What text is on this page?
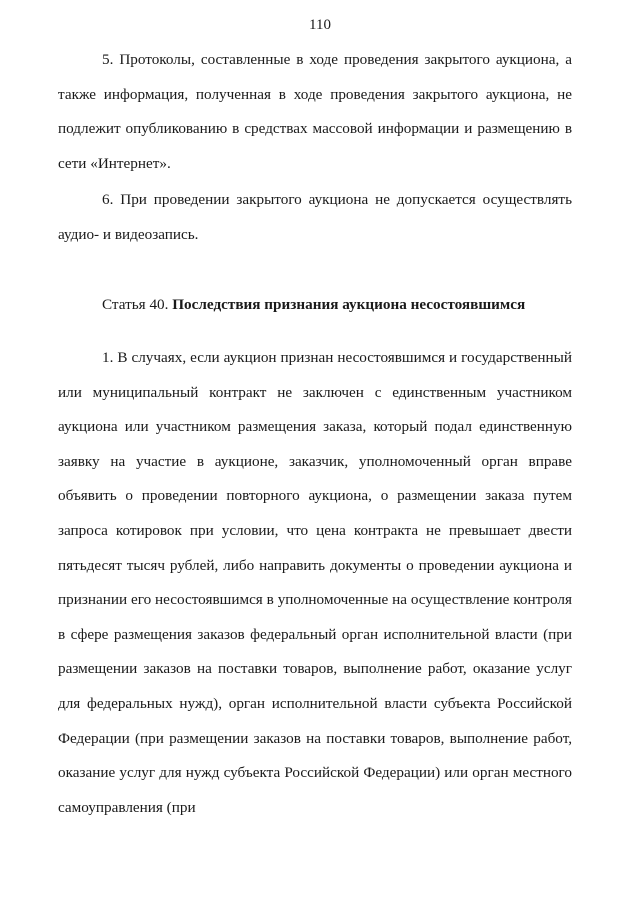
110

5. Протоколы, составленные в ходе проведения закрытого аукциона, а также информация, полученная в ходе проведения закрытого аукциона, не подлежит опубликованию в средствах массовой информации и размещению в сети «Интернет».

6. При проведении закрытого аукциона не допускается осуществлять аудио- и видеозапись.

Статья 40. Последствия признания аукциона несостоявшимся

1. В случаях, если аукцион признан несостоявшимся и государственный или муниципальный контракт не заключен с единственным участником аукциона или участником размещения заказа, который подал единственную заявку на участие в аукционе, заказчик, уполномоченный орган вправе объявить о проведении повторного аукциона, о размещении заказа путем запроса котировок при условии, что цена контракта не превышает двести пятьдесят тысяч рублей, либо направить документы о проведении аукциона и признании его несостоявшимся в уполномоченные на осуществление контроля в сфере размещения заказов федеральный орган исполнительной власти (при размещении заказов на поставки товаров, выполнение работ, оказание услуг для федеральных нужд), орган исполнительной власти субъекта Российской Федерации (при размещении заказов на поставки товаров, выполнение работ, оказание услуг для нужд субъекта Российской Федерации) или орган местного самоуправления (при
